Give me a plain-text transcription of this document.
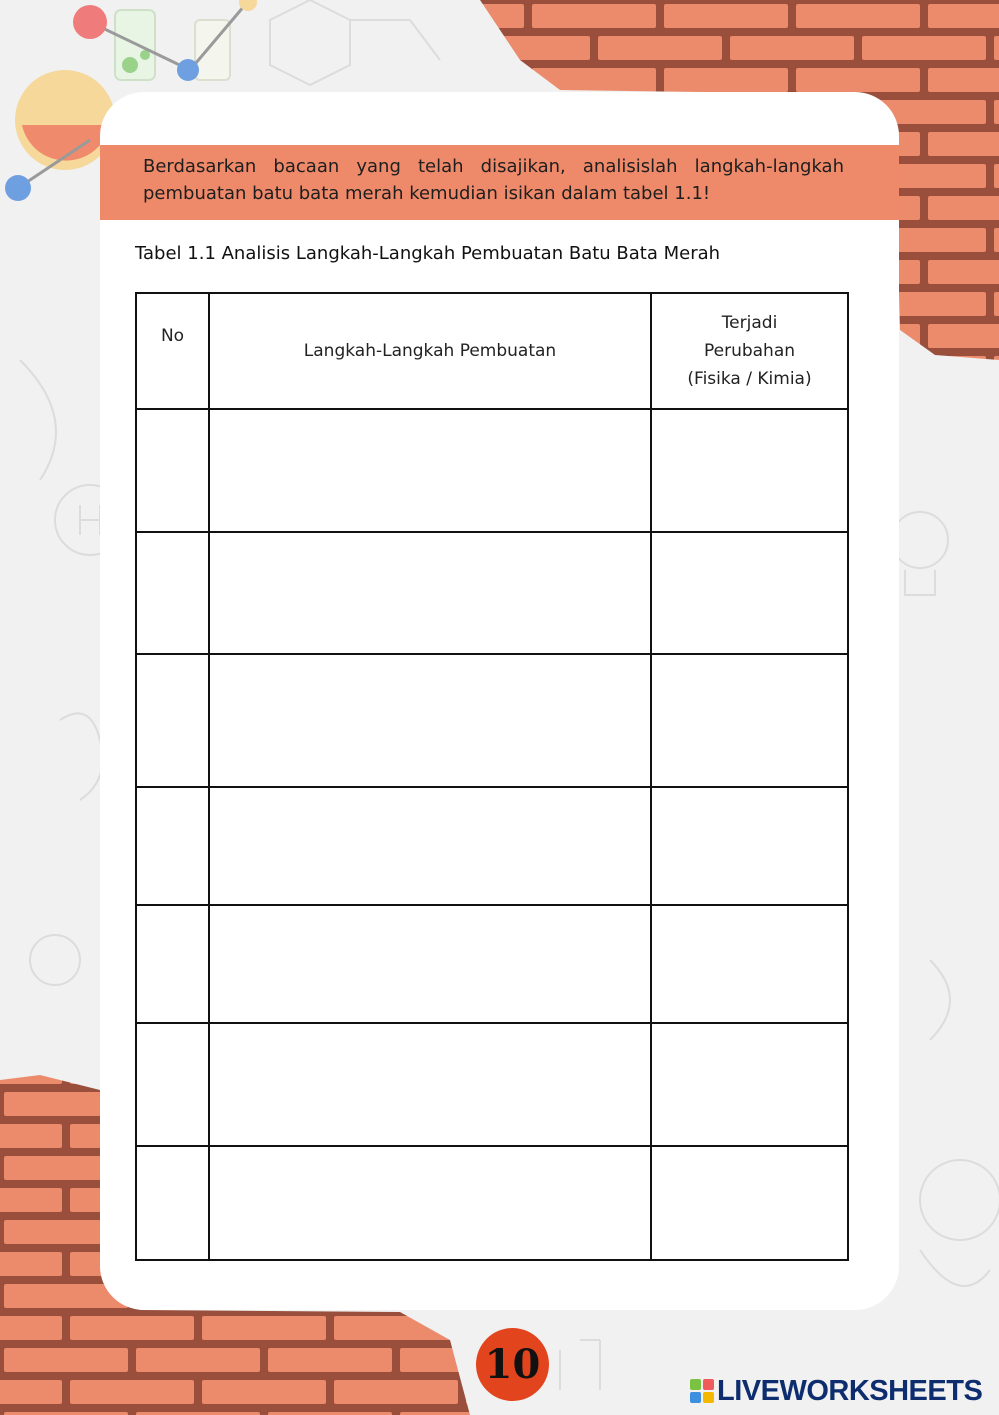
Berdasarkan bacaan yang telah disajikan, analisislah langkah-langkah pembuatan batu bata merah kemudian isikan dalam tabel 1.1!
Tabel 1.1 Analisis Langkah-Langkah Pembuatan Batu Bata Merah
No	Langkah-Langkah Pembuatan	Terjadi
Perubahan
(Fisika / Kimia)

10
LIVEWORKSHEETS
